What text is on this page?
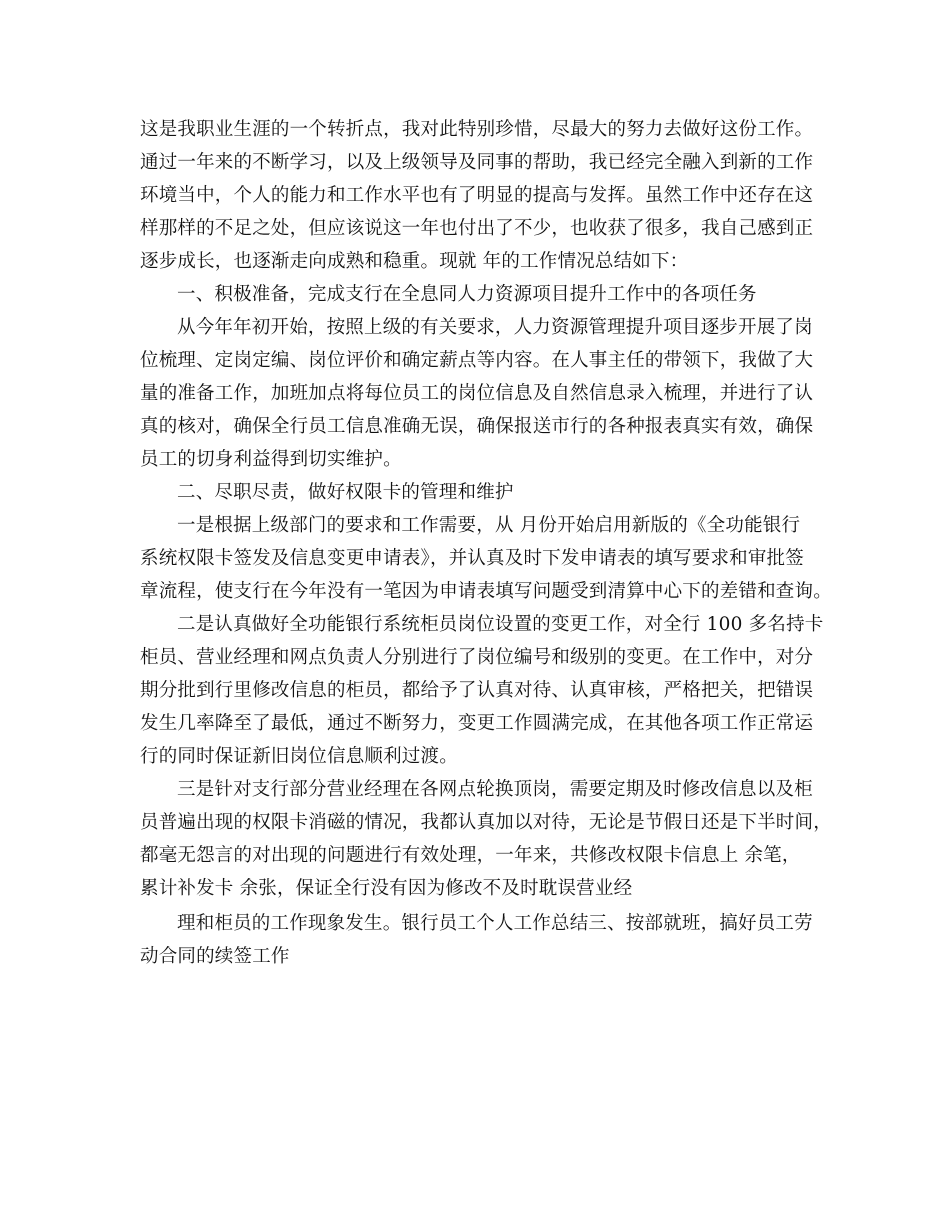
这是我职业生涯的一个转折点，我对此特别珍惜，尽最大的努力去做好这份工作。
通过一年来的不断学习，以及上级领导及同事的帮助，我已经完全融入到新的工作
环境当中，个人的能力和工作水平也有了明显的提高与发挥。虽然工作中还存在这
样那样的不足之处，但应该说这一年也付出了不少，也收获了很多，我自己感到正
逐步成长，也逐渐走向成熟和稳重。现就 年的工作情况总结如下：
一、积极准备，完成支行在全息同人力资源项目提升工作中的各项任务
从今年年初开始，按照上级的有关要求，人力资源管理提升项目逐步开展了岗
位梳理、定岗定编、岗位评价和确定薪点等内容。在人事主任的带领下，我做了大
量的准备工作，加班加点将每位员工的岗位信息及自然信息录入梳理，并进行了认
真的核对，确保全行员工信息准确无误，确保报送市行的各种报表真实有效，确保
员工的切身利益得到切实维护。
二、尽职尽责，做好权限卡的管理和维护
一是根据上级部门的要求和工作需要，从 月份开始启用新版的《全功能银行
系统权限卡签发及信息变更申请表》，并认真及时下发申请表的填写要求和审批签
章流程，使支行在今年没有一笔因为申请表填写问题受到清算中心下的差错和查询。
二是认真做好全功能银行系统柜员岗位设置的变更工作，对全行 100 多名持卡
柜员、营业经理和网点负责人分别进行了岗位编号和级别的变更。在工作中，对分
期分批到行里修改信息的柜员，都给予了认真对待、认真审核，严格把关，把错误
发生几率降至了最低，通过不断努力，变更工作圆满完成，在其他各项工作正常运
行的同时保证新旧岗位信息顺利过渡。
三是针对支行部分营业经理在各网点轮换顶岗，需要定期及时修改信息以及柜
员普遍出现的权限卡消磁的情况，我都认真加以对待，无论是节假日还是下半时间，
都毫无怨言的对出现的问题进行有效处理，一年来，共修改权限卡信息上 余笔，
累计补发卡 余张，保证全行没有因为修改不及时耽误营业经
理和柜员的工作现象发生。银行员工个人工作总结三、按部就班，搞好员工劳
动合同的续签工作
